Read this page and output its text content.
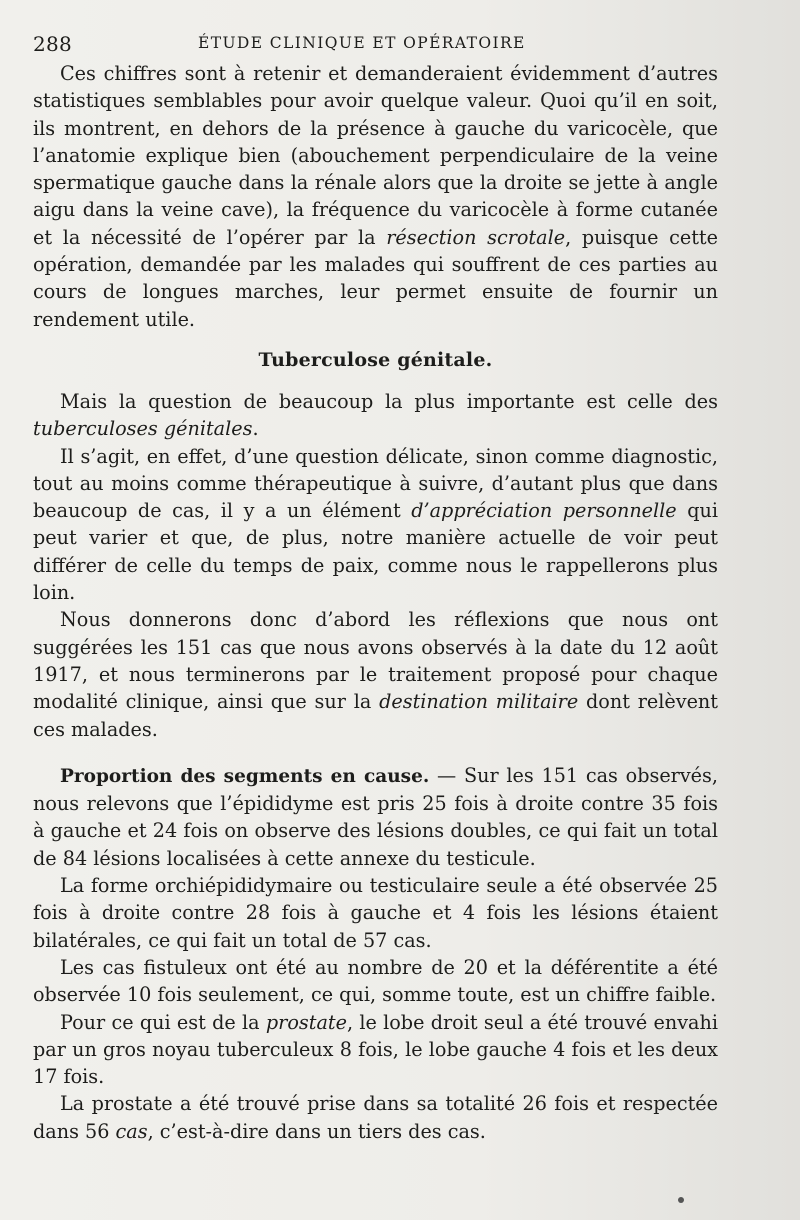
288	ÉTUDE CLINIQUE ET OPÉRATOIRE

Ces chiffres sont à retenir et demanderaient évidemment d’autres statistiques semblables pour avoir quelque valeur. Quoi qu’il en soit, ils montrent, en dehors de la présence à gauche du varicocèle, que l’anatomie explique bien (abouchement perpendiculaire de la veine spermatique gauche dans la rénale alors que la droite se jette à angle aigu dans la veine cave), la fréquence du varicocèle à forme cutanée et la nécessité de l’opérer par la résection scrotale, puisque cette opération, demandée par les malades qui souffrent de ces parties au cours de longues marches, leur permet ensuite de fournir un rendement utile.

Tuberculose génitale.

Mais la question de beaucoup la plus importante est celle des tuberculoses génitales.

Il s’agit, en effet, d’une question délicate, sinon comme diagnostic, tout au moins comme thérapeutique à suivre, d’autant plus que dans beaucoup de cas, il y a un élément d’appréciation personnelle qui peut varier et que, de plus, notre manière actuelle de voir peut différer de celle du temps de paix, comme nous le rappellerons plus loin.

Nous donnerons donc d’abord les réflexions que nous ont suggérées les 151 cas que nous avons observés à la date du 12 août 1917, et nous terminerons par le traitement proposé pour chaque modalité clinique, ainsi que sur la destination militaire dont relèvent ces malades.

Proportion des segments en cause. — Sur les 151 cas observés, nous relevons que l’épididyme est pris 25 fois à droite contre 35 fois à gauche et 24 fois on observe des lésions doubles, ce qui fait un total de 84 lésions localisées à cette annexe du testicule.

La forme orchiépididymaire ou testiculaire seule a été observée 25 fois à droite contre 28 fois à gauche et 4 fois les lésions étaient bilatérales, ce qui fait un total de 57 cas.

Les cas fistuleux ont été au nombre de 20 et la déférentite a été observée 10 fois seulement, ce qui, somme toute, est un chiffre faible.

Pour ce qui est de la prostate, le lobe droit seul a été trouvé envahi par un gros noyau tuberculeux 8 fois, le lobe gauche 4 fois et les deux 17 fois.

La prostate a été trouvé prise dans sa totalité 26 fois et respectée dans 56 cas, c’est-à-dire dans un tiers des cas.
